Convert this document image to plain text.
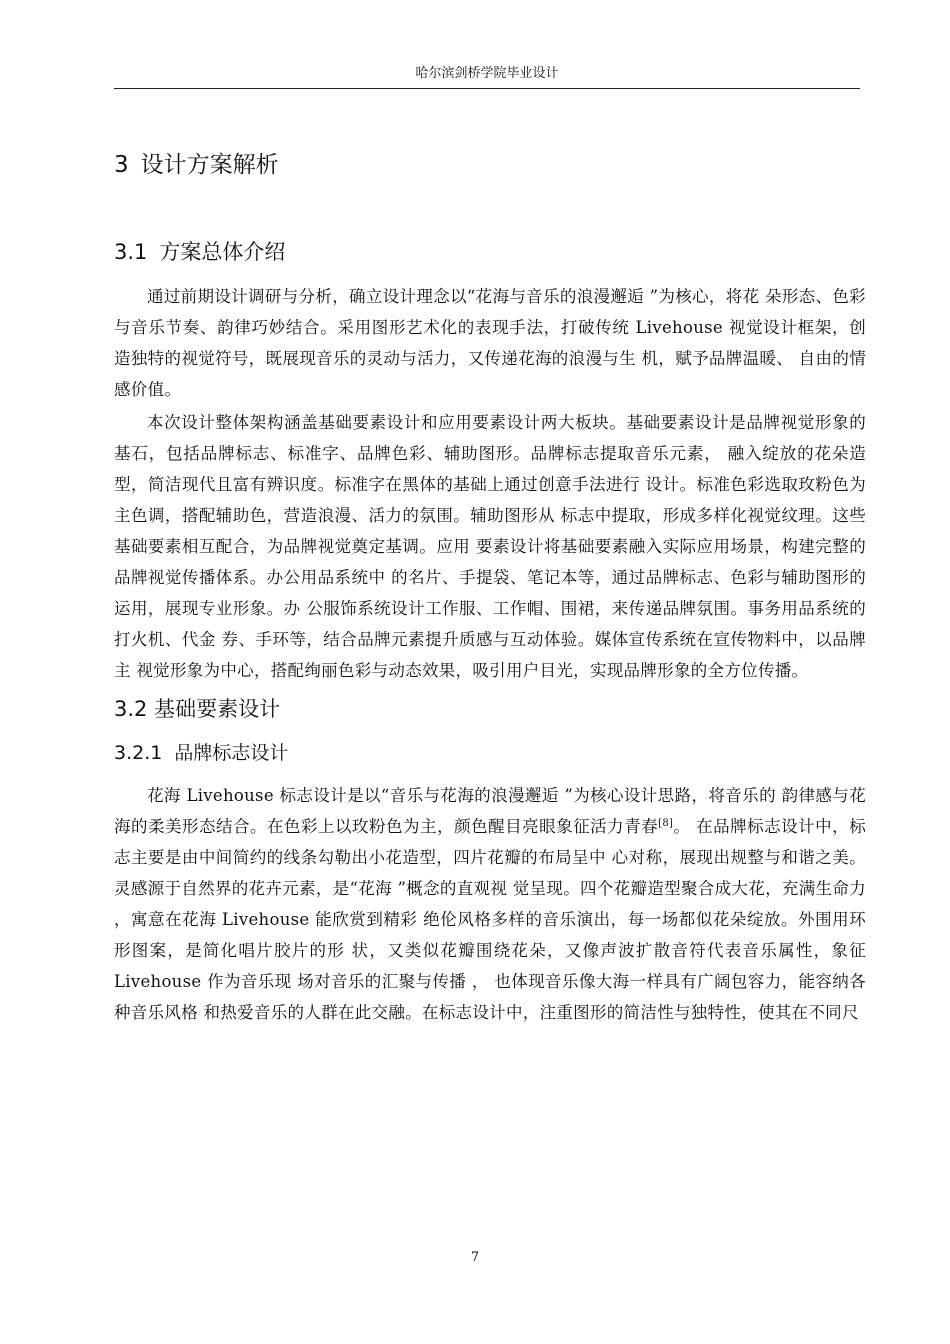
哈尔滨剑桥学院毕业设计
3 设计方案解析
3.1 方案总体介绍

通过前期设计调研与分析，确立设计理念以“花海与音乐的浪漫邂逅 ”为核心，将花 朵形态、色彩与音乐节奏、韵律巧妙结合。采用图形艺术化的表现手法，打破传统 Livehouse 视觉设计框架，创造独特的视觉符号，既展现音乐的灵动与活力，又传递花海的浪漫与生 机，赋予品牌温暖、 自由的情感价值。

本次设计整体架构涵盖基础要素设计和应用要素设计两大板块。基础要素设计是品牌视觉形象的基石，包括品牌标志、标准字、品牌色彩、辅助图形。品牌标志提取音乐元素， 融入绽放的花朵造型，简洁现代且富有辨识度。标准字在黑体的基础上通过创意手法进行 设计。标准色彩选取玫粉色为主色调，搭配辅助色，营造浪漫、活力的氛围。辅助图形从 标志中提取，形成多样化视觉纹理。这些基础要素相互配合，为品牌视觉奠定基调。应用 要素设计将基础要素融入实际应用场景，构建完整的品牌视觉传播体系。办公用品系统中 的名片、手提袋、笔记本等，通过品牌标志、色彩与辅助图形的运用，展现专业形象。办 公服饰系统设计工作服、工作帽、围裙，来传递品牌氛围。事务用品系统的打火机、代金 券、手环等，结合品牌元素提升质感与互动体验。媒体宣传系统在宣传物料中，以品牌主 视觉形象为中心，搭配绚丽色彩与动态效果，吸引用户目光，实现品牌形象的全方位传播。

3.2 基础要素设计
3.2.1 品牌标志设计

花海 Livehouse 标志设计是以“音乐与花海的浪漫邂逅 ”为核心设计思路，将音乐的 韵律感与花海的柔美形态结合。在色彩上以玫粉色为主，颜色醒目亮眼象征活力青春[8]。 在品牌标志设计中，标志主要是由中间简约的线条勾勒出小花造型，四片花瓣的布局呈中 心对称，展现出规整与和谐之美。灵感源于自然界的花卉元素，是“花海 ”概念的直观视 觉呈现。四个花瓣造型聚合成大花，充满生命力 ，寓意在花海 Livehouse 能欣赏到精彩 绝伦风格多样的音乐演出，每一场都似花朵绽放。外围用环形图案，是简化唱片胶片的形 状，又类似花瓣围绕花朵，又像声波扩散音符代表音乐属性，象征 Livehouse 作为音乐现 场对音乐的汇聚与传播 ， 也体现音乐像大海一样具有广阔包容力，能容纳各种音乐风格 和热爱音乐的人群在此交融。在标志设计中，注重图形的简洁性与独特性，使其在不同尺

7
